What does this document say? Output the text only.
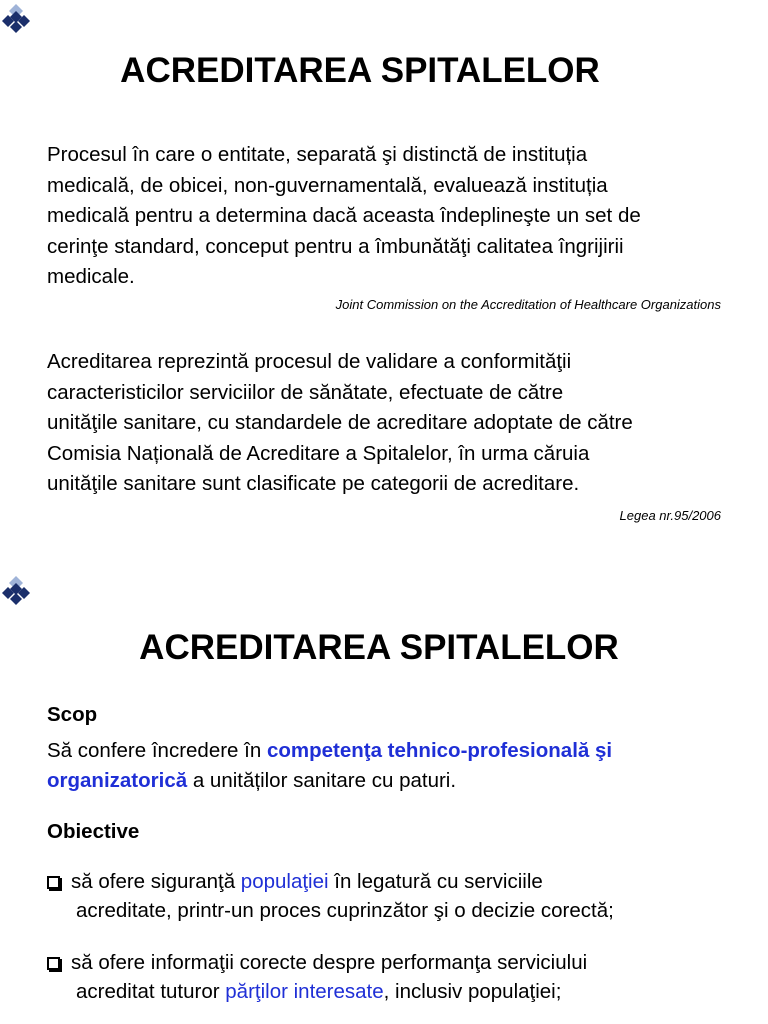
ACREDITAREA SPITALELOR
Procesul în care o entitate, separată şi distinctă de instituția
medicală, de obicei, non-guvernamentală, evaluează instituția
medicală pentru a determina dacă aceasta îndeplineşte un set de
cerinţe standard, conceput pentru a îmbunătăţi calitatea îngrijirii
medicale.
Joint Commission on the Accreditation of Healthcare Organizations
Acreditarea reprezintă procesul de validare a conformităţii
caracteristicilor serviciilor de sănătate, efectuate de către
unităţile sanitare, cu standardele de acreditare adoptate de către
Comisia Națională de Acreditare a Spitalelor, în urma căruia
unităţile sanitare sunt clasificate pe categorii de acreditare.
Legea nr.95/2006
ACREDITAREA SPITALELOR
Scop
Să confere încredere în competenţa tehnico-profesională şi
organizatorică a unităților sanitare cu paturi.
Obiective
să ofere siguranţă populaţiei în legatură cu serviciile
acreditate, printr-un proces cuprinzător şi o decizie corectă;
să ofere informaţii corecte despre performanţa serviciului
acreditat tuturor părţilor interesate, inclusiv populaţiei;
